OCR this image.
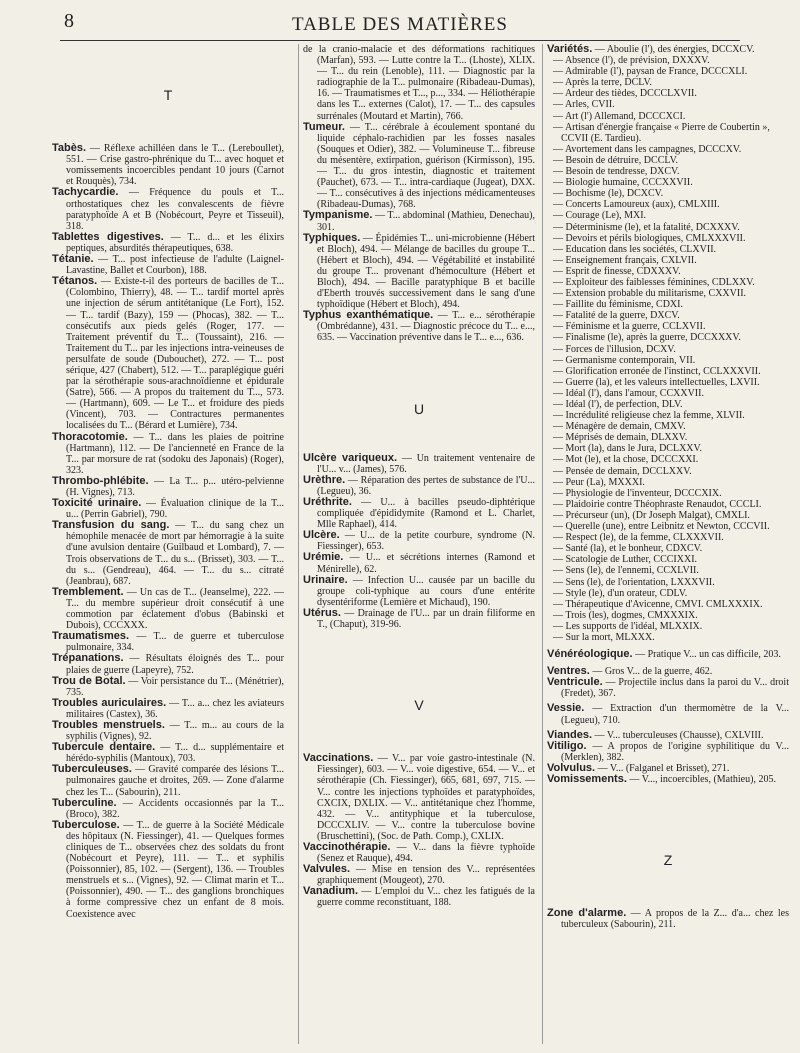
8	TABLE DES MATIÈRES
T
Tabès. — Réflexe achilléen dans le T... (Lereboullet), 551. — Crise gastro-phrénique du T... avec hoquet et vomissements incoercibles pendant 10 jours (Carnot et Rouquès), 734.
Tachycardie. — Fréquence du pouls et T... orthostatiques chez les convalescents de fièvre paratyphoïde A et B (Nobécourt, Peyre et Tisseuil), 318.
Tablettes digestives. — T... d... et les élixirs peptiques, absurdités thérapeutiques, 638.
Tétanie. — T... post infectieuse de l'adulte (Laignel-Lavastine, Ballet et Courbon), 188.
Tétanos. — Existe-t-il des porteurs de bacilles de T... (Colombino, Thierry), 48. — T... tardif mortel après une injection de sérum antitétanique (Le Fort), 152. — T... tardif (Bazy), 159 — (Phocas), 382. — T... consécutifs aux pieds gelés (Roger, 177. — Traitement préventif du T... (Toussaint), 216. — Traitement du T... par les injections intra-veineuses de persulfate de soude (Dubouchet), 272. — T... post sérique, 427 (Chabert), 512. — T... paraplégique guéri par la sérothérapie sous-arachnoïdienne et épidurale (Satre), 566. — A propos du traitement du T..., 573. — (Hartmann), 609. — Le T... et froidure des pieds (Vincent), 703. — Contractures permanentes localisées du T... (Bérard et Lumière), 734.
Thoracotomie. — T... dans les plaies de poitrine (Hartmann), 112. — De l'ancienneté en France de la T... par morsure de rat (sodoku des Japonais) (Roger), 323.
Thrombo-phlébite. — La T... p... utéro-pelvienne (H. Vignes), 713.
Toxicité urinaire. — Évaluation clinique de la T... u... (Perrin Gabriel), 790.
Transfusion du sang. — T... du sang chez un hémophile menacée de mort par hémorragie à la suite d'une avulsion dentaire (Guilbaud et Lombard), 7. — Trois observations de T... du s... (Brisset), 303. — T... du s... (Gendreau), 464. — T... du s... citraté (Jeanbrau), 687.
Tremblement. — Un cas de T... (Jeanselme), 222. — T... du membre supérieur droit consécutif à une commotion par éclatement d'obus (Babinski et Dubois), CCCXXX.
Traumatismes. — T... de guerre et tuberculose pulmonaire, 334.
Trépanations. — Résultats éloignés des T... pour plaies de guerre (Lapeyre), 752.
Trou de Botal. — Voir persistance du T... (Ménétrier), 735.
Troubles auriculaires. — T... a... chez les aviateurs militaires (Castex), 36.
Troubles menstruels. — T... m... au cours de la syphilis (Vignes), 92.
Tubercule dentaire. — T... d... supplémentaire et hérédo-syphilis (Mantoux), 703.
Tuberculeuses. — Gravité comparée des lésions T... pulmonaires gauche et droites, 269. — Zone d'alarme chez les T... (Sabourin), 211.
Tuberculine. — Accidents occasionnés par la T... (Broco), 382.
Tuberculose. — T... de guerre à la Société Médicale des hôpitaux (N. Fiessinger), 41. — Quelques formes cliniques de T... observées chez des soldats du front (Nobécourt et Peyre), 111. — T... et syphilis (Poissonnier), 85, 102. — (Sergent), 136. — Troubles menstruels et s... (Vignes), 92. — Climat marin et T... (Poissonnier), 490. — T... des ganglions bronchiques à forme compressive chez un enfant de 8 mois. Coexistence avec
de la cranio-malacie et des déformations rachitiques (Marfan), 593. — Lutte contre la T... (Lhoste), XLIX. — T... du rein (Lenoble), 111. — Diagnostic par la radiographie de la T... pulmonaire (Ribadeau-Dumas), 16. — Traumatismes et T..., p..., 334. — Héliothérapie dans les T... externes (Calot), 17. — T... des capsules surrénales (Moutard et Martin), 766.
Tumeur. — T... cérébrale à écoulement spontané du liquide céphalo-rachidien par les fosses nasales (Souques et Odier), 382. — Volumineuse T... fibreuse du mésentère, extirpation, guérison (Kirmisson), 195. — T... du gros intestin, diagnostic et traitement (Pauchet), 673. — T... intra-cardiaque (Jugeat), DXX. — T... consécutives à des injections médicamenteuses (Ribadeau-Dumas), 768.
Tympanisme. — T... abdominal (Mathieu, Denechau), 301.
Typhiques. — Épidémies T... uni-microbienne (Hébert et Bloch), 494. — Mélange de bacilles du groupe T... (Hébert et Bloch), 494. — Végétabilité et instabilité du groupe T... provenant d'hémoculture (Hébert et Bloch), 494. — Bacille paratyphique B et bacille d'Eberth trouvés successivement dans le sang d'une typhoïdique (Hébert et Bloch), 494.
Typhus exanthématique. — T... e... sérothérapie (Ombrédanne), 431. — Diagnostic précoce du T... e..., 635. — Vaccination préventive dans le T... e..., 636.
U
Ulcère variqueux. — Un traitement ventenaire de l'U... v... (James), 576.
Urèthre. — Réparation des pertes de substance de l'U... (Legueu), 36.
Uréthrite. — U... à bacilles pseudo-diphtérique compliquée d'épididymite (Ramond et L. Charlet, Mlle Raphael), 414.
Ulcère. — U... de la petite courbure, syndrome (N. Fiessinger), 653.
Urémie. — U... et sécrétions internes (Ramond et Ménirelle), 62.
Urinaire. — Infection U... causée par un bacille du groupe coli-typhique au cours d'une entérite dysentériforme (Lemière et Michaud), 190.
Utérus. — Drainage de l'U... par un drain filiforme en T., (Chaput), 319-96.
V
Vaccinations. — V... par voie gastro-intestinale (N. Fiessinger), 603. — V... voie digestive, 654. — V... et sérothérapie (Ch. Fiessinger), 665, 681, 697, 715. — V... contre les injections typhoïdes et paratyphoïdes, CXCIX, DXLIX. — V... antitétanique chez l'homme, 432. — V... antityphique et la tuberculose, DCCCXLIV. — V... contre la tuberculose bovine (Bruschettini), (Soc. de Path. Comp.), CXLIX.
Vaccinothérapie. — V... dans la fièvre typhoïde (Senez et Rauque), 494.
Valvules. — Mise en tension des V... représentées graphiquement (Mougeot), 270.
Vanadium. — L'emploi du V... chez les fatigués de la guerre comme reconstituant, 188.
Variétés. — Aboulie (l'), des énergies, DCCXCV.
— Absence (l'), de prévision, DXXXV.
— Admirable (l'), paysan de France, DCCCXLI.
— Après la terre, DCLV.
— Ardeur des tièdes, DCCCLXVII.
— Arles, CVII.
— Art (l') Allemand, DCCCXCI.
— Artisan d'énergie française « Pierre de Coubertin », CCVII (E. Tardieu).
— Avortement dans les campagnes, DCCCXV.
— Besoin de détruire, DCCLV.
— Besoin de tendresse, DXCV.
— Biologie humaine, CCCXXVII.
— Bochisme (le), DCXCV.
— Concerts Lamoureux (aux), CMLXIII.
— Courage (Le), MXI.
— Déterminisme (le), et la fatalité, DCXXXV.
— Devoirs et périls biologiques, CMLXXXVII.
— Education dans les sociétés, CLXVII.
— Enseignement français, CXLVII.
— Esprit de finesse, CDXXXV.
— Exploiteur des faiblesses féminines, CDLXXV.
— Extension probable du militarisme, CXXVII.
— Faillite du féminisme, CDXI.
— Fatalité de la guerre, DXCV.
— Féminisme et la guerre, CCLXVII.
— Finalisme (le), après la guerre, DCCXXXV.
— Forces de l'illusion, DCXV.
— Germanisme contemporain, VII.
— Glorification erronée de l'instinct, CCLXXXVII.
— Guerre (la), et les valeurs intellectuelles, LXVII.
— Idéal (l'), dans l'amour, CCXXVII.
— Idéal (l'), de perfection, DLV.
— Incrédulité religieuse chez la femme, XLVII.
— Ménagère de demain, CMXV.
— Méprisés de demain, DLXXV.
— Mort (la), dans le Jura, DCLXXV.
— Mot (le), et la chose, DCCCXXI.
— Pensée de demain, DCCLXXV.
— Peur (La), MXXXI.
— Physiologie de l'inventeur, DCCCXIX.
— Plaidoirie contre Théophraste Renaudot, CCCLI.
— Précurseur (un), (Dr Joseph Malgat), CMXLI.
— Querelle (une), entre Leibnitz et Newton, CCCVII.
— Respect (le), de la femme, CLXXXVII.
— Santé (la), et le bonheur, CDXCV.
— Scatologie de Luther, CCCIXXI.
— Sens (le), de l'ennemi, CCXLVII.
— Sens (le), de l'orientation, LXXXVII.
— Style (le), d'un orateur, CDLV.
— Thérapeutique d'Avicenne, CMVI. CMLXXXIX.
— Trois (les), dogmes, CMXXXIX.
— Les supports de l'idéal, MLXXIX.
— Sur la mort, MLXXX.
Vénéréologique. — Pratique V... un cas difficile, 203.
Ventres. — Gros V... de la guerre, 462.
Ventricule. — Projectile inclus dans la paroi du V... droit (Fredet), 367.
Vessie. — Extraction d'un thermomètre de la V... (Legueu), 710.
Viandes. — V... tuberculeuses (Chausse), CXLVIII.
Vitiligo. — A propos de l'origine syphilitique du V... (Merklen), 382.
Volvulus. — V... (Falganel et Brisset), 271.
Vomissements. — V..., incoercibles, (Mathieu), 205.
Z
Zone d'alarme. — A propos de la Z... d'a... chez les tuberculeux (Sabourin), 211.
